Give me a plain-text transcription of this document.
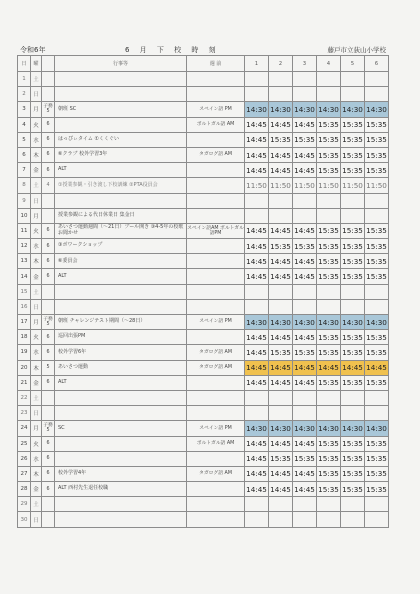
令和6年	6 月 下 校 時 刻	藤戸市立荻山小学校
日	曜		行事等	週 前	1	2	3	4	5	6
1	土									
2	日									
3	月	子務 5	朝班 SC	スペイン語 PM	14:30	14:30	14:30	14:30	14:30	14:30
4	火	6		ポルトガル語 AM	14:45	14:45	14:45	15:35	15:35	15:35
5	水	6	はっぴぃタイム ①くくぐい		14:45	15:35	15:35	15:35	15:35	15:35
6	木	6	⑥クラブ 校外学習3年	タガログ語 AM	14:45	14:45	14:45	15:35	15:35	15:35
7	金	6	ALT		14:45	14:45	14:45	15:35	15:35	15:35
8	土	4	①授業参観・引き渡し下校訓練 ②PTA役員会		11:50	11:50	11:50	11:50	11:50	11:50
9	日									
10	月		授業参観による代日休業日 集金日							
11	火	6	あいさつ運動週間（〜21日）プール開き ③4-5年の校歌お聞かせ	スペイン語AM ポルトガル語PM	14:45	14:45	14:45	15:35	15:35	15:35
12	水	6	③ボワークショップ		14:45	15:35	15:35	15:35	15:35	15:35
13	木	6	⑥委員会		14:45	14:45	14:45	15:35	15:35	15:35
14	金	6	ALT		14:45	14:45	14:45	15:35	15:35	15:35
15	土									
16	日									
17	月	子務 5	朝班 チャレンジテスト期間（〜28日）	スペイン語 PM	14:30	14:30	14:30	14:30	14:30	14:30
18	火	6	巡回出張PM		14:45	14:45	14:45	15:35	15:35	15:35
19	水	6	校外学習6年	タガログ語 AM	14:45	15:35	15:35	15:35	15:35	15:35
20	木	5	あいさつ運動	タガログ語 AM	14:45	14:45	14:45	14:45	14:45	14:45
21	金	6	ALT		14:45	14:45	14:45	15:35	15:35	15:35
22	土									
23	日									
24	月	子務 5	SC	スペイン語 PM	14:30	14:30	14:30	14:30	14:30	14:30
25	火	6		ポルトガル語 AM	14:45	14:45	14:45	15:35	15:35	15:35
26	水	6			14:45	15:35	15:35	15:35	15:35	15:35
27	木	6	校外学習4年	タガログ語 AM	14:45	14:45	14:45	15:35	15:35	15:35
28	金	6	ALT 西村先生退任校職		14:45	14:45	14:45	15:35	15:35	15:35
29	土									
30	日									
